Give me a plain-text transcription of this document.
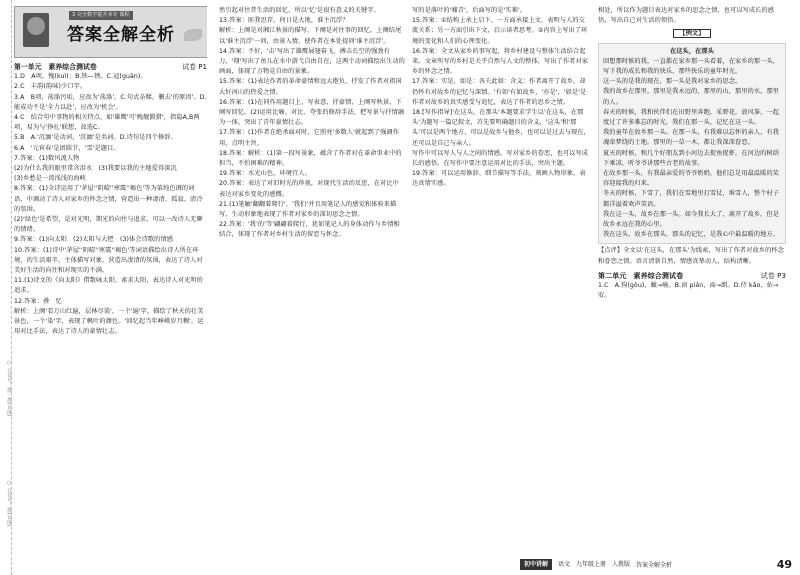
○ 公众号：搜一搜(百度)
○ 公众号：搜(百度)
3 完全数学提升本专 课程
答案全解全析
第一单元　素养综合测试卷	试卷 P1

1.D　A项，愧(kuì)；B.铁—锈。C.冠(guān)。

2.C　丰韵(韵味)少口字。

3.A　B项，荡涤污垢，应改为'荡涤'。C.句式杂糅，删去'的原因'。D.能成功不是'全力以赴'，应改为'机会'。

4.C　结合句中事物的相关特点，如'雄鹰'可'晚舰锻猎'，指隐A,B两项，易为与'挣扎'联想，故选C。

5.B　A.'沉湎'是动词，'沉湎'是名词。D.诗句是四个修辞。

6.A　'元宵春'是团圆节，'雪'是题目。

7.答案：(1)数风流人物

(2)为什么我的眼里常含泪水　(3)我要以我的主地爱得深沉

(3)乡愁是一湾浅浅的海峡

8.答案：(1)全诗运用了'茅屋''阴晴''寒震''褐色'等为第纯色调的词语，中调动了诗人对家乡的怀念之情，营造出一种凄清、孤寂、清冷的氛围。

(2)'绿色'是希望，是对光明，期光的向往与追求，可以一改诗人无聊的情绪。

9.答案：(1)向太阳　(2)太阳与大把　(3)体会诗歌的情感

10.答案：(1)诗中'茅屋''阴晴''寒震''褐色'等词语描绘出诗人所在环境，的生活艰辛，主体描写对象，营造出凄清的氛围，表达了诗人对美好生活的向往和对现实的不满。

11.(1)诗文的《向太阳》借歌咏太阳，索求太阳，表达诗人对光明的追求。

12.答案：叠　忆

解析：上阕'看万山红遍，层林尽染'，一个'遍'字，描绘了秋天的壮美景色，一个'染'字，表现了枫叶的颜色。'回忆起当年峥嵘岁月稠'，运用对比手法，表达了诗人的豪情壮志。

然引起对往昔生活的回忆，所以'忆'是很有意义的关键字。

13.答案：匪我思存，何日是大地，谁主沉浮？

解析：上阕是对湘江秋景的描写，下阕是对往事的回忆。上阕结尾以'谁主沉浮'一问，由景入情，使作者在本处提问'谁主沉浮'。

14.答案：不好，'击'写出了雄鹰展翅奋飞、搏击长空的强劲有力，'翔'写出了鱼儿在水中游弋自由自在，这两个动词描绘出生动的画面，体现了万物竞自由的景象。

15.答案：(1)表达作者的革命豪情和远大抱负，抒发了作者对祖国大好河山的热爱之情。

16.答案：(1)在同作用题目上，写表意，抒豪情，上阕写秋景，下阕写回忆。(2)运用比喻、对比、夸张的修辞手法，把写景与抒情融为一体，突出了青年豪情壮志。

17.答案：(1)作者在绝杀面对时，它照亮'多数人'就起到了强调作用，点明主旨。

18.答案：解析：(1)第一段写景象，蕴含了作者对在革命事业中的担当，不怕困难的精神。

19.答案：水光山色，环境宜人。

20.答案：表达了对旧时光的珍视，对现代生活的反思，在对比中表达对家乡变化的感慨。

21.(1)笔触'翻翻着爬行'，'我们'并且用笔记人的感觉和体验来描写，生动形象地表现了作者对家乡的深切思念之情。

22.答案：'我'的'等'翩翩着爬行，犹如笔记人的身体动作与乡情相结合，体现了作者对乡村生活的留恋与怀念。

写的是落叶的'嘘青'，后面写的是'实难'。

15.答案：①结构上承上启下。一方面承接上文，表明与人的交流关系；另一方面引出下文，启示读者思考。②内容上写出了环境的变化和人们的心理变化。

16.答案：全文从家乡的事写起，将乡村建设与整体生活结合起来。文章所写的乡村是关乎自然与人文的整体，写出了作者对家乡的怀念之情。

17.答案：实是，如是：各夫此如：含义：作者离开了故乡，却仍怀有对故乡的记忆与深情。'有如'有如故乡，'亦是'，'如是'是作者对故乡的真实感受与追忆，表达了作者的思乡之情。

18.[写作指导]'在这头，在那头'本题要求学生以'在这头，在那头'为题写一篇记叙文，首先要明确题目的含义，'这头'和'那头'可以是两个地方，可以是故乡与他乡，也可以是过去与现在，还可以是自己与亲人。

写作中可以写人与人之间的情感，写对家乡的眷恋，也可以写成长的感悟。在写作中要注意运用对比的手法，突出主题。

19.答案：可以运用修辞、细节描写等手法，刻画人物形象，表达真情实感。

相处，所以作为题目表达对家乡的思念之情，也可以写成长的感悟，写出自己对生活的领悟。

【例文】
在这头，在那头

回想那时候的我，一直都在家乡那一头看着，在家乡的那一头，写下我的成长和我的快乐，那些快乐的童年时光。

这一头的是我的现在，那一头是我对家乡的思念。

我的故乡在那里，那里是我永远的，那里的山，那里的水，那里的人。

春天的时候，我和伙伴们在田野里奔跑，采野花，放风筝，一起度过了许多难忘的时光，我们在那一头，记忆在这一头。

我的童年在故乡那一头。在那一头，有我难以忘怀的亲人，有我魂牵梦绕的土地。那里的一草一木，都让我深深眷恋。

夏天的时候，和几个好朋友到小河边去捉鱼捉虾，在河边的树荫下乘凉，听爷爷讲那些古老的故事。

在故乡那一头，有我最亲爱的爷爷奶奶，他们总是用最温暖的笑容迎接我的归来。

冬天的时候，下雪了，我们在雪地里打雪仗，堆雪人，整个村子都洋溢着欢声笑语。

我在这一头，故乡在那一头。如今我长大了，离开了故乡，但是故乡永远在我的心里。

我在这头，故乡在那头，那头的记忆，是我心中最温暖的地方。

【点评】全文以'在这头，在那头'为线索，写出了作者对故乡的怀念和眷恋之情。语言清新自然，情感真挚动人，结构清晰。

第二单元　素养综合测试卷	试卷 P3

1.C　A.狗(gǒu)，瞰→喻。B.窗 pián，面→朗。D.侍 kǎo，佑→宥。

初中讲解	语文　九年级上册　人教版	答案全解全析	49
